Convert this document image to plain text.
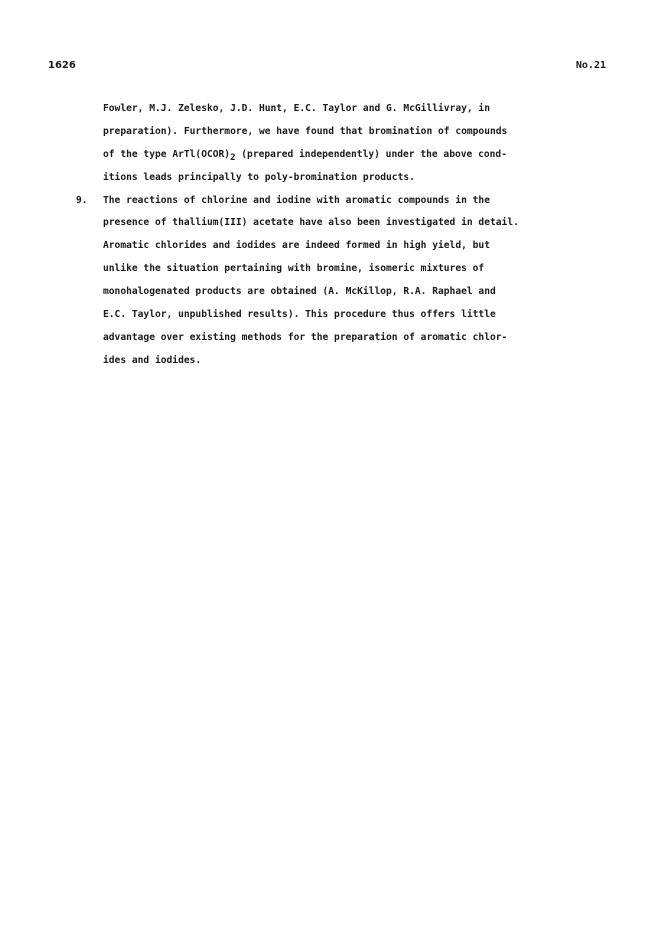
1626	No.21
Fowler, M.J. Zelesko, J.D. Hunt, E.C. Taylor and G. McGillivray, in
preparation). Furthermore, we have found that bromination of compounds
of the type $ArTl(OCOR)_2$ (prepared independently) under the above cond-
itions leads principally to poly-bromination products.
9. The reactions of chlorine and iodine with aromatic compounds in the
presence of thallium(III) acetate have also been investigated in detail.
Aromatic chlorides and iodides are indeed formed in high yield, but
unlike the situation pertaining with bromine, isomeric mixtures of
monohalogenated products are obtained (A. McKillop, R.A. Raphael and
E.C. Taylor, unpublished results). This procedure thus offers little
advantage over existing methods for the preparation of aromatic chlor-
ides and iodides.
